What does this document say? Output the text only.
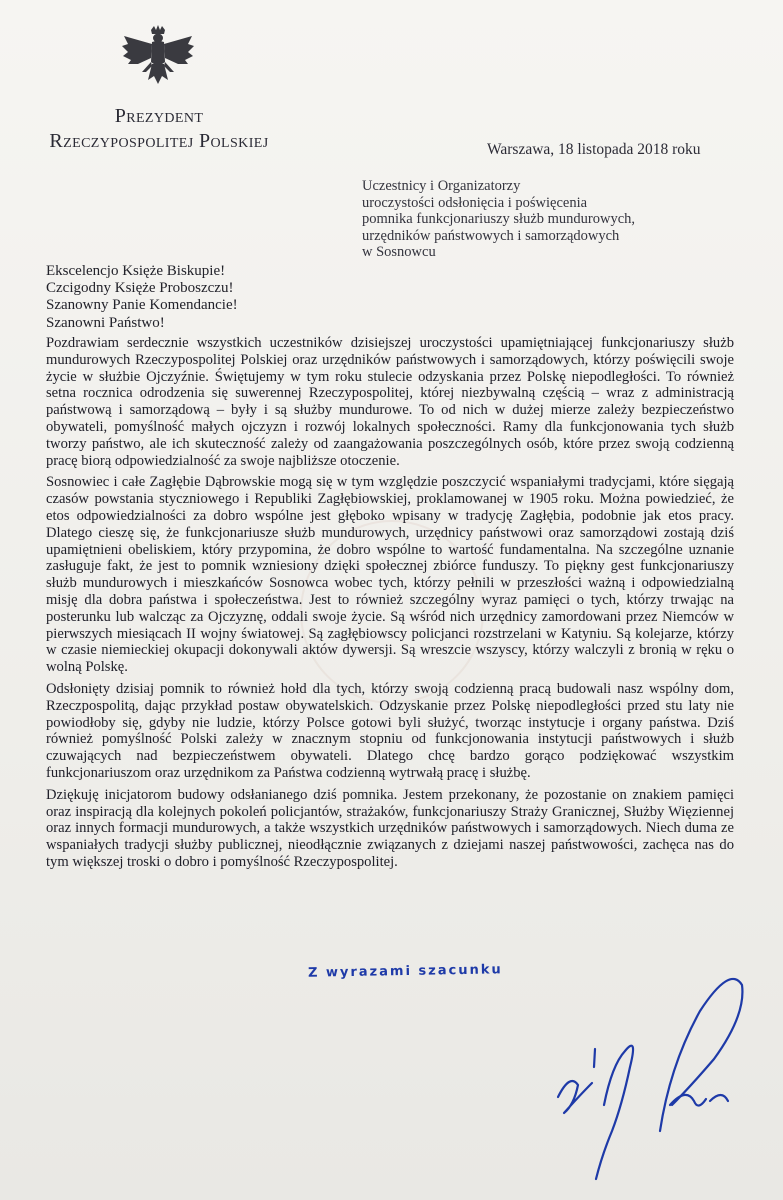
Prezydent
Rzeczypospolitej Polskiej	Warszawa, 18 listopada 2018 roku
Uczestnicy i Organizatorzy
uroczystości odsłonięcia i poświęcenia
pomnika funkcjonariuszy służb mundurowych,
urzędników państwowych i samorządowych
w Sosnowcu
Ekscelencjo Księże Biskupie!
Czcigodny Księże Proboszczu!
Szanowny Panie Komendancie!
Szanowni Państwo!

Pozdrawiam serdecznie wszystkich uczestników dzisiejszej uroczystości upamiętniającej funkcjonariuszy służb mundurowych Rzeczypospolitej Polskiej oraz urzędników państwowych i samorządowych, którzy poświęcili swoje życie w służbie Ojczyźnie. Świętujemy w tym roku stulecie odzyskania przez Polskę niepodległości. To również setna rocznica odrodzenia się suwerennej Rzeczypospolitej, której niezbywalną częścią – wraz z administracją państwową i samorządową – były i są służby mundurowe. To od nich w dużej mierze zależy bezpieczeństwo obywateli, pomyślność małych ojczyzn i rozwój lokalnych społeczności. Ramy dla funkcjonowania tych służb tworzy państwo, ale ich skuteczność zależy od zaangażowania poszczególnych osób, które przez swoją codzienną pracę biorą odpowiedzialność za swoje najbliższe otoczenie.

Sosnowiec i całe Zagłębie Dąbrowskie mogą się w tym względzie poszczycić wspaniałymi tradycjami, które sięgają czasów powstania styczniowego i Republiki Zagłębiowskiej, proklamowanej w 1905 roku. Można powiedzieć, że etos odpowiedzialności za dobro wspólne jest głęboko wpisany w tradycję Zagłębia, podobnie jak etos pracy. Dlatego cieszę się, że funkcjonariusze służb mundurowych, urzędnicy państwowi oraz samorządowi zostają dziś upamiętnieni obeliskiem, który przypomina, że dobro wspólne to wartość fundamentalna. Na szczególne uznanie zasługuje fakt, że jest to pomnik wzniesiony dzięki społecznej zbiórce funduszy. To piękny gest funkcjonariuszy służb mundurowych i mieszkańców Sosnowca wobec tych, którzy pełnili w przeszłości ważną i odpowiedzialną misję dla dobra państwa i społeczeństwa. Jest to również szczególny wyraz pamięci o tych, którzy trwając na posterunku lub walcząc za Ojczyznę, oddali swoje życie. Są wśród nich urzędnicy zamordowani przez Niemców w pierwszych miesiącach II wojny światowej. Są zagłębiowscy policjanci rozstrzelani w Katyniu. Są kolejarze, którzy w czasie niemieckiej okupacji dokonywali aktów dywersji. Są wreszcie wszyscy, którzy walczyli z bronią w ręku o wolną Polskę.

Odsłonięty dzisiaj pomnik to również hołd dla tych, którzy swoją codzienną pracą budowali nasz wspólny dom, Rzeczpospolitą, dając przykład postaw obywatelskich. Odzyskanie przez Polskę niepodległości przed stu laty nie powiodłoby się, gdyby nie ludzie, którzy Polsce gotowi byli służyć, tworząc instytucje i organy państwa. Dziś również pomyślność Polski zależy w znacznym stopniu od funkcjonowania instytucji państwowych i służb czuwających nad bezpieczeństwem obywateli. Dlatego chcę bardzo gorąco podziękować wszystkim funkcjonariuszom oraz urzędnikom za Państwa codzienną wytrwałą pracę i służbę.

Dziękuję inicjatorom budowy odsłanianego dziś pomnika. Jestem przekonany, że pozostanie on znakiem pamięci oraz inspiracją dla kolejnych pokoleń policjantów, strażaków, funkcjonariuszy Straży Granicznej, Służby Więziennej oraz innych formacji mundurowych, a także wszystkich urzędników państwowych i samorządowych. Niech duma ze wspaniałych tradycji służby publicznej, nieodłącznie związanych z dziejami naszej państwowości, zachęca nas do tym większej troski o dobro i pomyślność Rzeczypospolitej.

Z wyrazami szacunku
